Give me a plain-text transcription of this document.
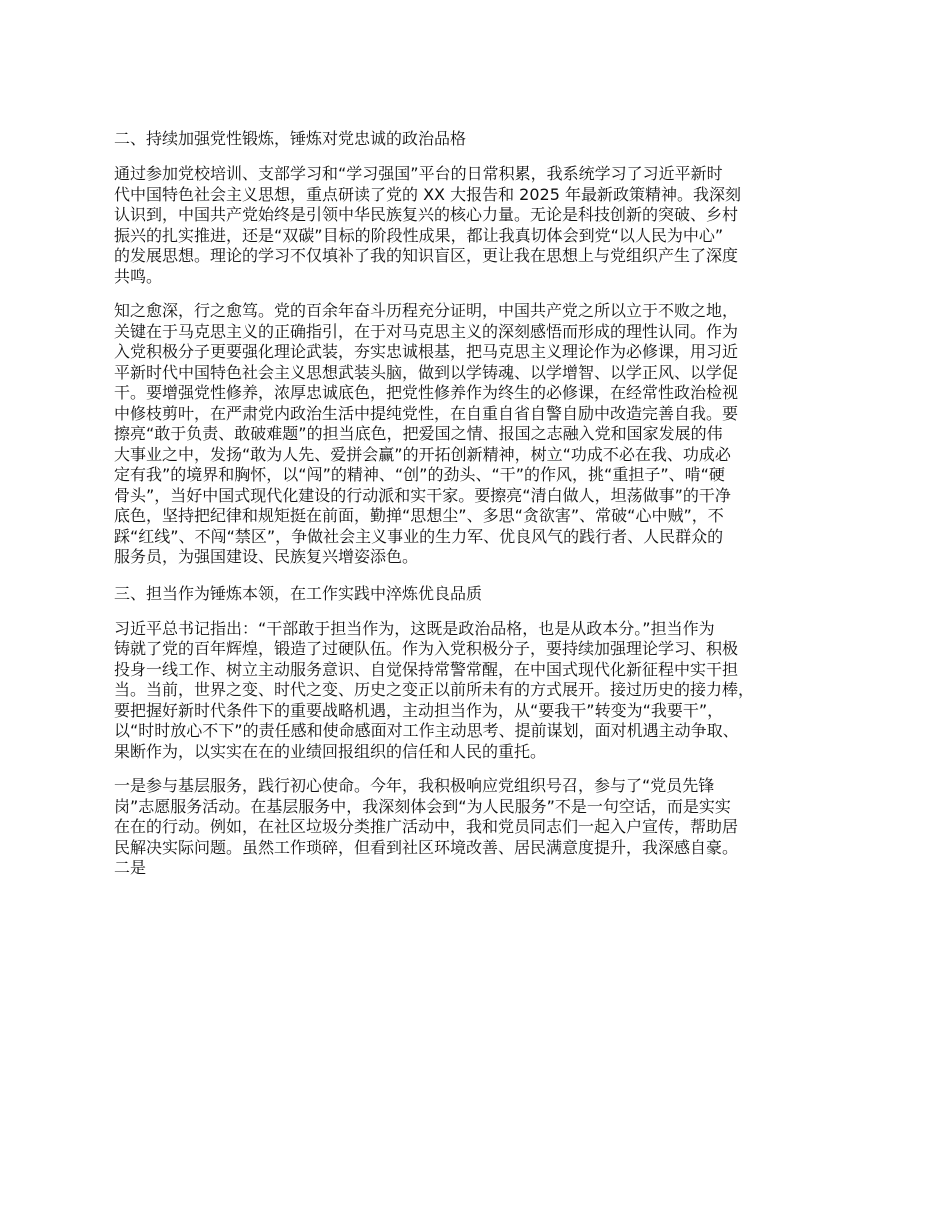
二、持续加强党性锻炼，锤炼对党忠诚的政治品格
通过参加党校培训、支部学习和“学习强国”平台的日常积累，我系统学习了习近平新时
代中国特色社会主义思想，重点研读了党的 XX 大报告和 2025 年最新政策精神。我深刻
认识到，中国共产党始终是引领中华民族复兴的核心力量。无论是科技创新的突破、乡村
振兴的扎实推进，还是“双碳”目标的阶段性成果，都让我真切体会到党“以人民为中心”
的发展思想。理论的学习不仅填补了我的知识盲区，更让我在思想上与党组织产生了深度
共鸣。
知之愈深，行之愈笃。党的百余年奋斗历程充分证明，中国共产党之所以立于不败之地，
关键在于马克思主义的正确指引，在于对马克思主义的深刻感悟而形成的理性认同。作为
入党积极分子更要强化理论武装，夯实忠诚根基，把马克思主义理论作为必修课，用习近
平新时代中国特色社会主义思想武装头脑，做到以学铸魂、以学增智、以学正风、以学促
干。要增强党性修养，浓厚忠诚底色，把党性修养作为终生的必修课，在经常性政治检视
中修枝剪叶，在严肃党内政治生活中提纯党性，在自重自省自警自励中改造完善自我。要
擦亮“敢于负责、敢破难题”的担当底色，把爱国之情、报国之志融入党和国家发展的伟
大事业之中，发扬“敢为人先、爱拼会赢”的开拓创新精神，树立“功成不必在我、功成必
定有我”的境界和胸怀，以“闯”的精神、“创”的劲头、“干”的作风，挑“重担子”、啃“硬
骨头”，当好中国式现代化建设的行动派和实干家。要擦亮“清白做人，坦荡做事”的干净
底色，坚持把纪律和规矩挺在前面，勤掸“思想尘”、多思“贪欲害”、常破“心中贼”，不
踩“红线”、不闯“禁区”，争做社会主义事业的生力军、优良风气的践行者、人民群众的
服务员，为强国建设、民族复兴增姿添色。
三、担当作为锤炼本领，在工作实践中淬炼优良品质
习近平总书记指出：“干部敢于担当作为，这既是政治品格，也是从政本分。”担当作为
铸就了党的百年辉煌，锻造了过硬队伍。作为入党积极分子，要持续加强理论学习、积极
投身一线工作、树立主动服务意识、自觉保持常警常醒，在中国式现代化新征程中实干担
当。当前，世界之变、时代之变、历史之变正以前所未有的方式展开。接过历史的接力棒，
要把握好新时代条件下的重要战略机遇，主动担当作为，从“要我干”转变为“我要干”，
以“时时放心不下”的责任感和使命感面对工作主动思考、提前谋划，面对机遇主动争取、
果断作为，以实实在在的业绩回报组织的信任和人民的重托。
一是参与基层服务，践行初心使命。今年，我积极响应党组织号召，参与了“党员先锋
岗”志愿服务活动。在基层服务中，我深刻体会到“为人民服务”不是一句空话，而是实实
在在的行动。例如，在社区垃圾分类推广活动中，我和党员同志们一起入户宣传，帮助居
民解决实际问题。虽然工作琐碎，但看到社区环境改善、居民满意度提升，我深感自豪。
二是
